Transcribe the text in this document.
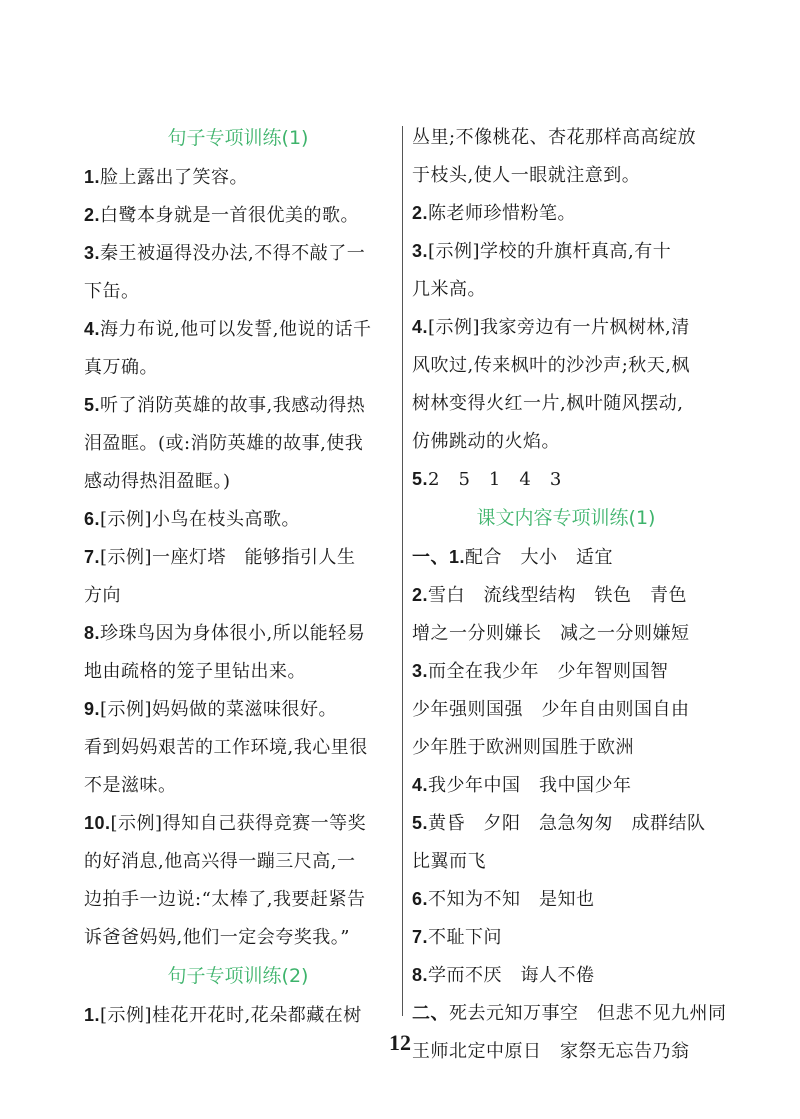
句子专项训练(1)
1.脸上露出了笑容。
2.白鹭本身就是一首很优美的歌。
3.秦王被逼得没办法,不得不敲了一
下缶。
4.海力布说,他可以发誓,他说的话千
真万确。
5.听了消防英雄的故事,我感动得热
泪盈眶。(或:消防英雄的故事,使我
感动得热泪盈眶。)
6.[示例]小鸟在枝头高歌。
7.[示例]一座灯塔　能够指引人生
方向
8.珍珠鸟因为身体很小,所以能轻易
地由疏格的笼子里钻出来。
9.[示例]妈妈做的菜滋味很好。
看到妈妈艰苦的工作环境,我心里很
不是滋味。
10.[示例]得知自己获得竞赛一等奖
的好消息,他高兴得一蹦三尺高,一
边拍手一边说:“太棒了,我要赶紧告
诉爸爸妈妈,他们一定会夸奖我。”
句子专项训练(2)
1.[示例]桂花开花时,花朵都藏在树
丛里;不像桃花、杏花那样高高绽放
于枝头,使人一眼就注意到。
2.陈老师珍惜粉笔。
3.[示例]学校的升旗杆真高,有十
几米高。
4.[示例]我家旁边有一片枫树林,清
风吹过,传来枫叶的沙沙声;秋天,枫
树林变得火红一片,枫叶随风摆动,
仿佛跳动的火焰。
5.2　5　1　4　3
课文内容专项训练(1)
一、1.配合　大小　适宜
2.雪白　流线型结构　铁色　青色
增之一分则嫌长　减之一分则嫌短
3.而全在我少年　少年智则国智
少年强则国强　少年自由则国自由
少年胜于欧洲则国胜于欧洲
4.我少年中国　我中国少年
5.黄昏　夕阳　急急匆匆　成群结队
比翼而飞
6.不知为不知　是知也
7.不耻下问
8.学而不厌　诲人不倦
二、死去元知万事空　但悲不见九州同
王师北定中原日　家祭无忘告乃翁
12
